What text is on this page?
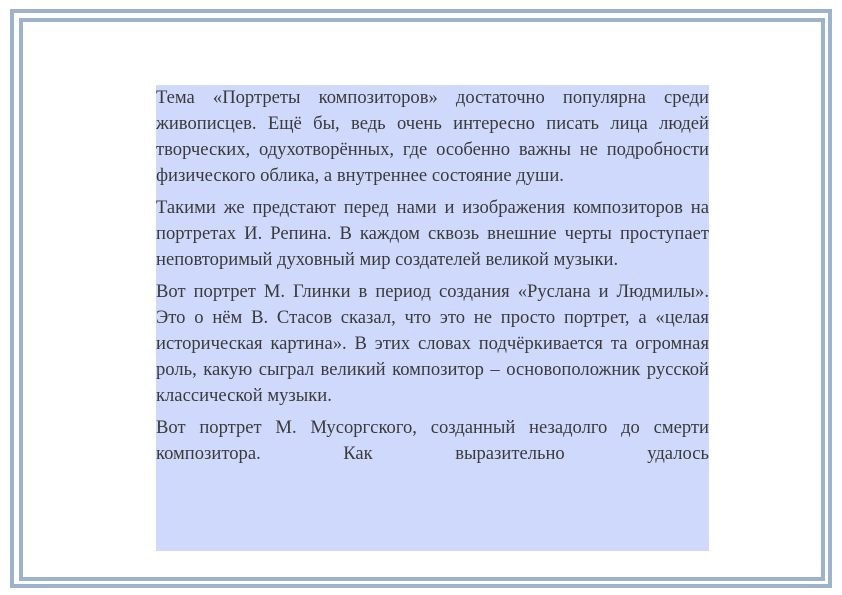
Тема «Портреты композиторов» достаточно популярна среди живописцев. Ещё бы, ведь очень интересно писать лица людей творческих, одухотворённых, где особенно важны не подробности физического облика, а внутреннее состояние души.

Такими же предстают перед нами и изображения композиторов на портретах И. Репина. В каждом сквозь внешние черты проступает неповторимый духовный мир создателей великой музыки.

Вот портрет М. Глинки в период создания «Руслана и Людмилы». Это о нём В. Стасов сказал, что это не просто портрет, а «целая историческая картина». В этих словах подчёркивается та огромная роль, какую сыграл великий композитор – основоположник русской классической музыки.

Вот портрет М. Мусоргского, созданный незадолго до смерти композитора. Как выразительно удалось
